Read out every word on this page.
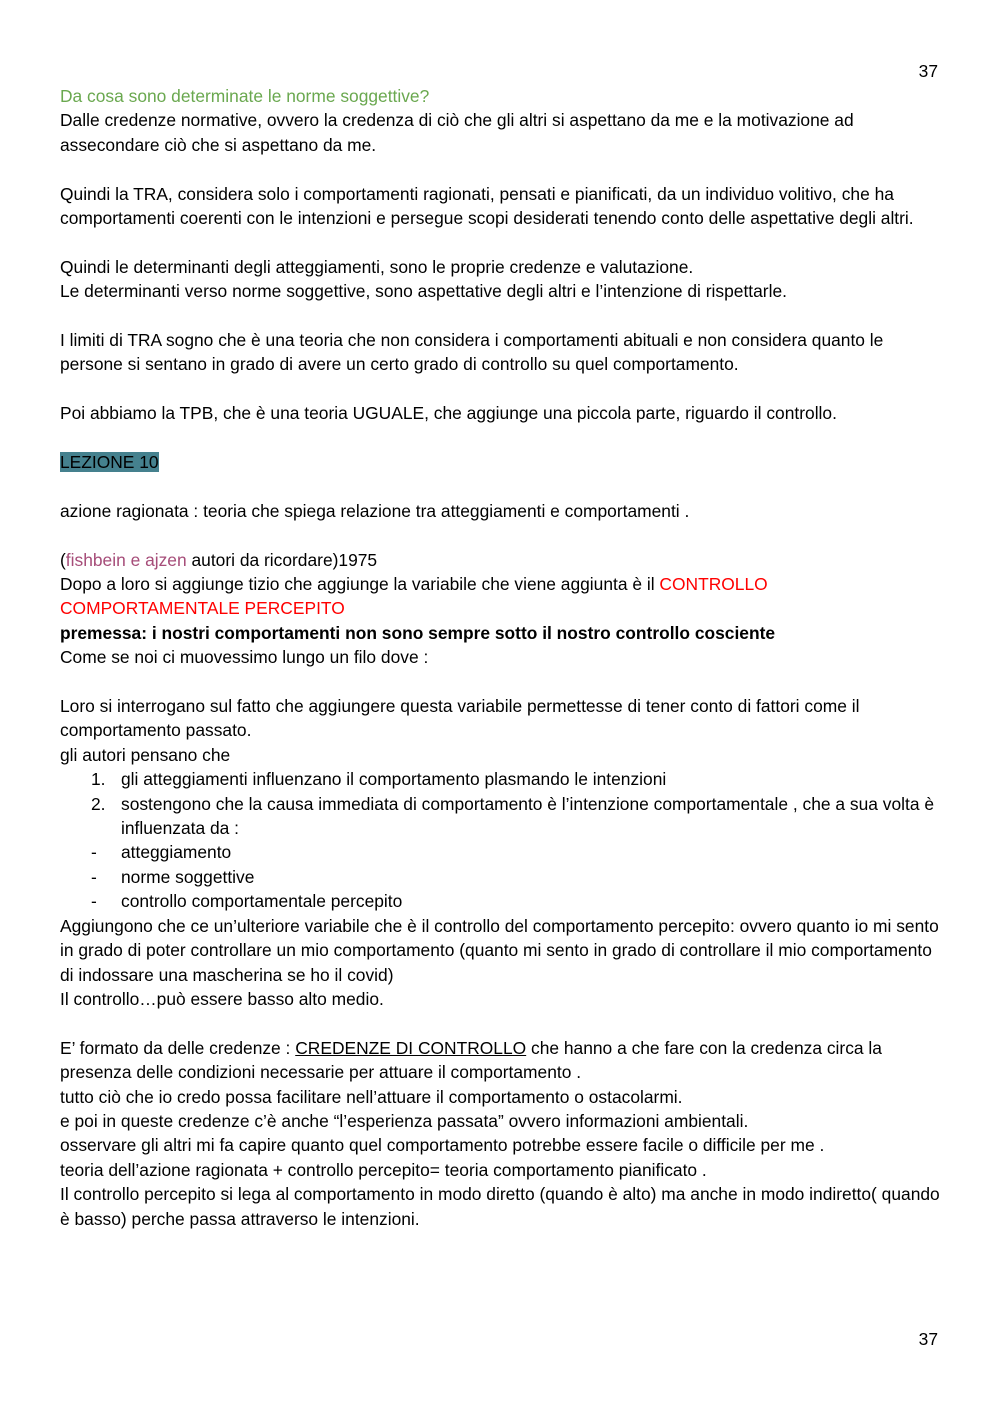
37

Da cosa sono determinate le norme soggettive?

Dalle credenze normative, ovvero la credenza di ciò che gli altri si aspettano da me e la motivazione ad assecondare ciò che si aspettano da me.

Quindi la TRA, considera solo i comportamenti ragionati, pensati e pianificati, da un individuo volitivo, che ha comportamenti coerenti con le intenzioni e persegue scopi desiderati tenendo conto delle aspettative degli altri.

Quindi le determinanti degli atteggiamenti, sono le proprie credenze e valutazione.

Le determinanti verso norme soggettive, sono aspettative degli altri e l’intenzione di rispettarle.

I limiti di TRA sogno che è una teoria che non considera i comportamenti abituali e non considera quanto le persone si sentano in grado di avere un certo grado di controllo su quel comportamento.

Poi abbiamo la TPB, che è una teoria UGUALE, che aggiunge una piccola parte, riguardo il controllo.

LEZIONE 10

azione ragionata : teoria che spiega relazione tra atteggiamenti e comportamenti .

(fishbein e ajzen autori da ricordare)1975

Dopo a loro si aggiunge tizio che aggiunge la variabile che viene aggiunta è il CONTROLLO COMPORTAMENTALE PERCEPITO

premessa: i nostri comportamenti non sono sempre sotto il nostro controllo cosciente

Come se noi ci muovessimo lungo un filo dove :

Loro si interrogano sul fatto che aggiungere questa variabile permettesse di tener conto di fattori come il comportamento passato.

gli autori pensano che

1. gli atteggiamenti influenzano il comportamento plasmando le intenzioni

2. sostengono che la causa immediata di comportamento è l’intenzione comportamentale , che a sua volta è influenzata da :

- atteggiamento

- norme soggettive

- controllo comportamentale percepito

Aggiungono che ce un’ulteriore variabile che è il controllo del comportamento percepito: ovvero quanto io mi sento in grado di poter controllare un mio comportamento (quanto mi sento in grado di controllare il mio comportamento di indossare una mascherina se ho il covid)

Il controllo…può essere basso alto medio.

E’ formato da delle credenze : CREDENZE DI CONTROLLO che hanno a che fare con la credenza circa la presenza delle condizioni necessarie per attuare il comportamento .

tutto ciò che io credo possa facilitare nell’attuare il comportamento o ostacolarmi.

e poi in queste credenze c’è anche “l’esperienza passata” ovvero informazioni ambientali.

osservare gli altri mi fa capire quanto quel comportamento potrebbe essere facile o difficile per me .

teoria dell’azione ragionata + controllo percepito= teoria comportamento pianificato .

Il controllo percepito si lega al comportamento in modo diretto (quando è alto) ma anche in modo indiretto( quando è basso) perche passa attraverso le intenzioni.

37
